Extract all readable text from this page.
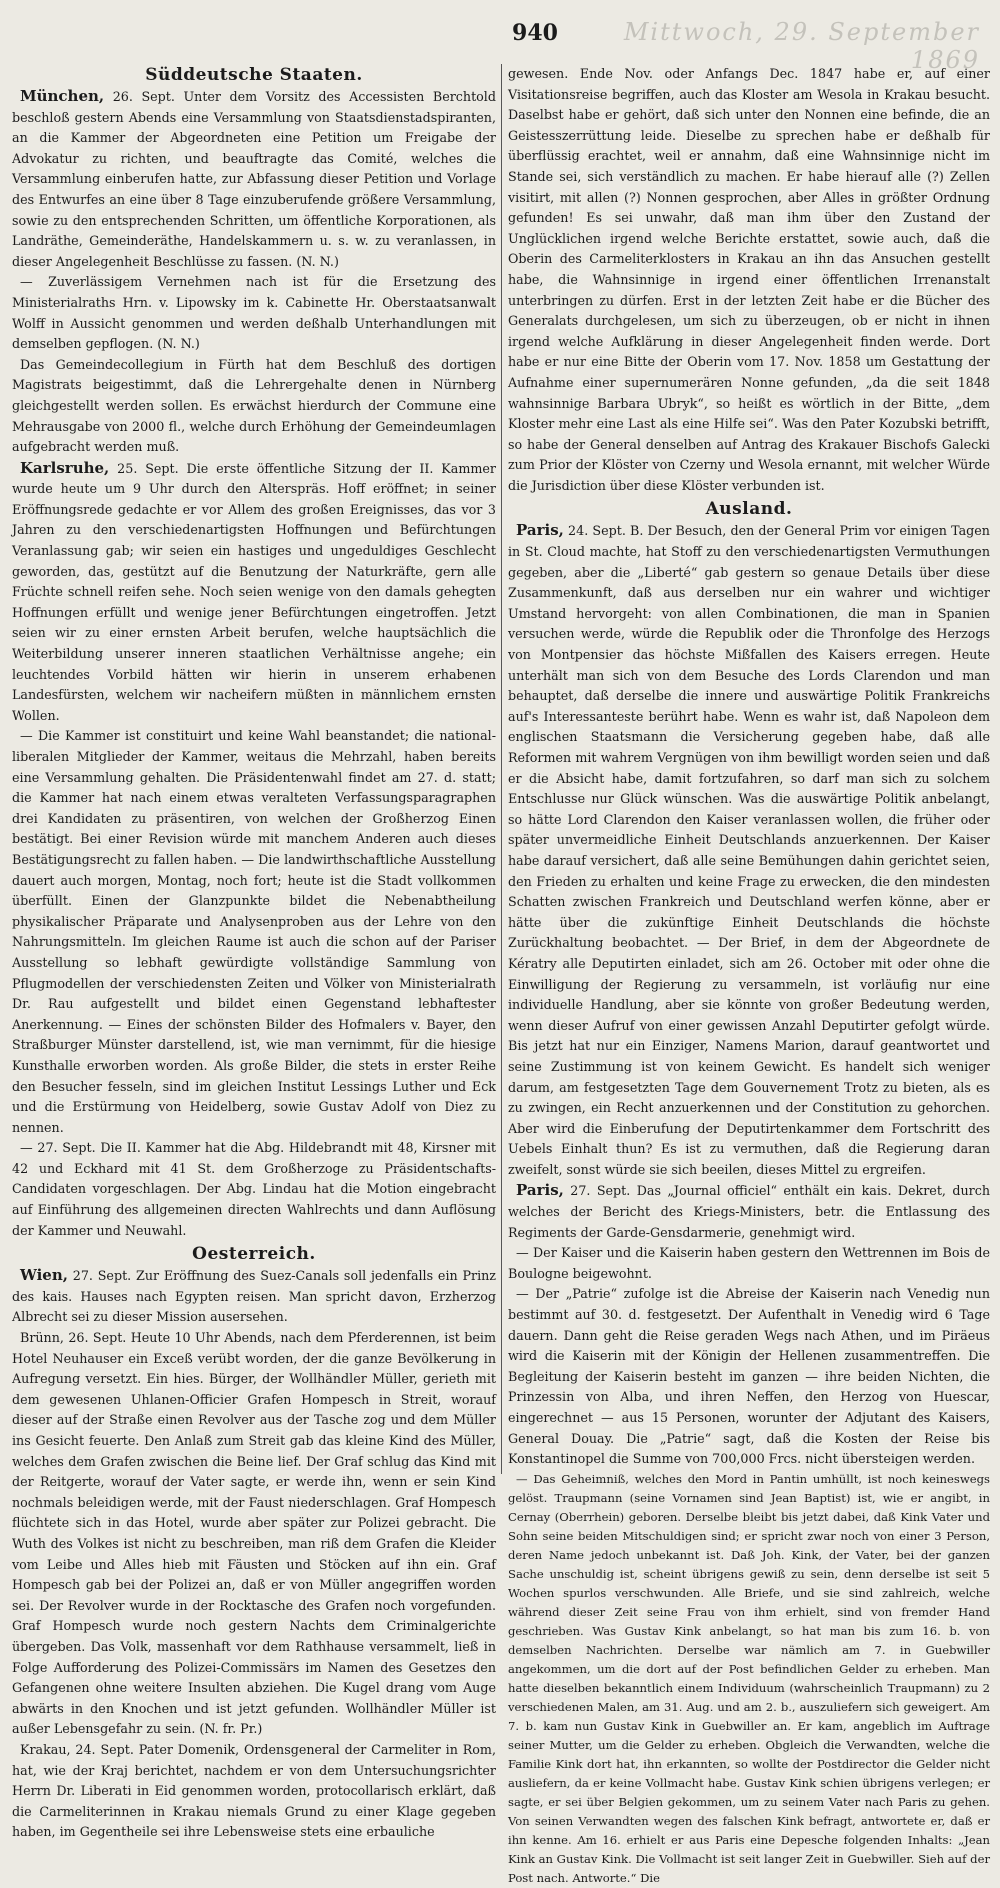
Mittwoch, 29. September 1869
940
Süddeutsche Staaten.

München, 26. Sept. Unter dem Vorsitz des Accessisten Berchtold beschloß gestern Abends eine Versammlung von Staatsdienstadspiranten, an die Kammer der Abgeordneten eine Petition um Freigabe der Advokatur zu richten, und beauftragte das Comité, welches die Versammlung einberufen hatte, zur Abfassung dieser Petition und Vorlage des Entwurfes an eine über 8 Tage einzuberufende größere Versammlung, sowie zu den entsprechenden Schritten, um öffentliche Korporationen, als Landräthe, Gemeinderäthe, Handelskammern u. s. w. zu veranlassen, in dieser Angelegenheit Beschlüsse zu fassen. (N. N.)

— Zuverlässigem Vernehmen nach ist für die Ersetzung des Ministerialraths Hrn. v. Lipowsky im k. Cabinette Hr. Oberstaatsanwalt Wolff in Aussicht genommen und werden deßhalb Unterhandlungen mit demselben gepflogen. (N. N.)

Das Gemeindecollegium in Fürth hat dem Beschluß des dortigen Magistrats beigestimmt, daß die Lehrergehalte denen in Nürnberg gleichgestellt werden sollen. Es erwächst hierdurch der Commune eine Mehrausgabe von 2000 fl., welche durch Erhöhung der Gemeindeumlagen aufgebracht werden muß.

Karlsruhe, 25. Sept. Die erste öffentliche Sitzung der II. Kammer wurde heute um 9 Uhr durch den Alterspräs. Hoff eröffnet; in seiner Eröffnungsrede gedachte er vor Allem des großen Ereignisses, das vor 3 Jahren zu den verschiedenartigsten Hoffnungen und Befürchtungen Veranlassung gab; wir seien ein hastiges und ungeduldiges Geschlecht geworden, das, gestützt auf die Benutzung der Naturkräfte, gern alle Früchte schnell reifen sehe. Noch seien wenige von den damals gehegten Hoffnungen erfüllt und wenige jener Befürchtungen eingetroffen. Jetzt seien wir zu einer ernsten Arbeit berufen, welche hauptsächlich die Weiterbildung unserer inneren staatlichen Verhältnisse angehe; ein leuchtendes Vorbild hätten wir hierin in unserem erhabenen Landesfürsten, welchem wir nacheifern müßten in männlichem ernsten Wollen.

— Die Kammer ist constituirt und keine Wahl beanstandet; die national-liberalen Mitglieder der Kammer, weitaus die Mehrzahl, haben bereits eine Versammlung gehalten. Die Präsidentenwahl findet am 27. d. statt; die Kammer hat nach einem etwas veralteten Verfassungsparagraphen drei Kandidaten zu präsentiren, von welchen der Großherzog Einen bestätigt. Bei einer Revision würde mit manchem Anderen auch dieses Bestätigungsrecht zu fallen haben. — Die landwirthschaftliche Ausstellung dauert auch morgen, Montag, noch fort; heute ist die Stadt vollkommen überfüllt. Einen der Glanzpunkte bildet die Nebenabtheilung physikalischer Präparate und Analysenproben aus der Lehre von den Nahrungsmitteln. Im gleichen Raume ist auch die schon auf der Pariser Ausstellung so lebhaft gewürdigte vollständige Sammlung von Pflugmodellen der verschiedensten Zeiten und Völker von Ministerialrath Dr. Rau aufgestellt und bildet einen Gegenstand lebhaftester Anerkennung. — Eines der schönsten Bilder des Hofmalers v. Bayer, den Straßburger Münster darstellend, ist, wie man vernimmt, für die hiesige Kunsthalle erworben worden. Als große Bilder, die stets in erster Reihe den Besucher fesseln, sind im gleichen Institut Lessings Luther und Eck und die Erstürmung von Heidelberg, sowie Gustav Adolf von Diez zu nennen.

— 27. Sept. Die II. Kammer hat die Abg. Hildebrandt mit 48, Kirsner mit 42 und Eckhard mit 41 St. dem Großherzoge zu Präsidentschafts-Candidaten vorgeschlagen. Der Abg. Lindau hat die Motion eingebracht auf Einführung des allgemeinen directen Wahlrechts und dann Auflösung der Kammer und Neuwahl.

Oesterreich.

Wien, 27. Sept. Zur Eröffnung des Suez-Canals soll jedenfalls ein Prinz des kais. Hauses nach Egypten reisen. Man spricht davon, Erzherzog Albrecht sei zu dieser Mission ausersehen.

Brünn, 26. Sept. Heute 10 Uhr Abends, nach dem Pferderennen, ist beim Hotel Neuhauser ein Exceß verübt worden, der die ganze Bevölkerung in Aufregung versetzt. Ein hies. Bürger, der Wollhändler Müller, gerieth mit dem gewesenen Uhlanen-Officier Grafen Hompesch in Streit, worauf dieser auf der Straße einen Revolver aus der Tasche zog und dem Müller ins Gesicht feuerte. Den Anlaß zum Streit gab das kleine Kind des Müller, welches dem Grafen zwischen die Beine lief. Der Graf schlug das Kind mit der Reitgerte, worauf der Vater sagte, er werde ihn, wenn er sein Kind nochmals beleidigen werde, mit der Faust niederschlagen. Graf Hompesch flüchtete sich in das Hotel, wurde aber später zur Polizei gebracht. Die Wuth des Volkes ist nicht zu beschreiben, man riß dem Grafen die Kleider vom Leibe und Alles hieb mit Fäusten und Stöcken auf ihn ein. Graf Hompesch gab bei der Polizei an, daß er von Müller angegriffen worden sei. Der Revolver wurde in der Rocktasche des Grafen noch vorgefunden. Graf Hompesch wurde noch gestern Nachts dem Criminalgerichte übergeben. Das Volk, massenhaft vor dem Rathhause versammelt, ließ in Folge Aufforderung des Polizei-Commissärs im Namen des Gesetzes den Gefangenen ohne weitere Insulten abziehen. Die Kugel drang vom Auge abwärts in den Knochen und ist jetzt gefunden. Wollhändler Müller ist außer Lebensgefahr zu sein. (N. fr. Pr.)

Krakau, 24. Sept. Pater Domenik, Ordensgeneral der Carmeliter in Rom, hat, wie der Kraj berichtet, nachdem er von dem Untersuchungsrichter Herrn Dr. Liberati in Eid genommen worden, protocollarisch erklärt, daß die Carmeliterinnen in Krakau niemals Grund zu einer Klage gegeben haben, im Gegentheile sei ihre Lebensweise stets eine erbauliche

gewesen. Ende Nov. oder Anfangs Dec. 1847 habe er, auf einer Visitationsreise begriffen, auch das Kloster am Wesola in Krakau besucht. Daselbst habe er gehört, daß sich unter den Nonnen eine befinde, die an Geistesszerrüttung leide. Dieselbe zu sprechen habe er deßhalb für überflüssig erachtet, weil er annahm, daß eine Wahnsinnige nicht im Stande sei, sich verständlich zu machen. Er habe hierauf alle (?) Zellen visitirt, mit allen (?) Nonnen gesprochen, aber Alles in größter Ordnung gefunden! Es sei unwahr, daß man ihm über den Zustand der Unglücklichen irgend welche Berichte erstattet, sowie auch, daß die Oberin des Carmeliterklosters in Krakau an ihn das Ansuchen gestellt habe, die Wahnsinnige in irgend einer öffentlichen Irrenanstalt unterbringen zu dürfen. Erst in der letzten Zeit habe er die Bücher des Generalats durchgelesen, um sich zu überzeugen, ob er nicht in ihnen irgend welche Aufklärung in dieser Angelegenheit finden werde. Dort habe er nur eine Bitte der Oberin vom 17. Nov. 1858 um Gestattung der Aufnahme einer supernumerären Nonne gefunden, „da die seit 1848 wahnsinnige Barbara Ubryk“, so heißt es wörtlich in der Bitte, „dem Kloster mehr eine Last als eine Hilfe sei“. Was den Pater Kozubski betrifft, so habe der General denselben auf Antrag des Krakauer Bischofs Galecki zum Prior der Klöster von Czerny und Wesola ernannt, mit welcher Würde die Jurisdiction über diese Klöster verbunden ist.

Ausland.

Paris, 24. Sept. B. Der Besuch, den der General Prim vor einigen Tagen in St. Cloud machte, hat Stoff zu den verschiedenartigsten Vermuthungen gegeben, aber die „Liberté“ gab gestern so genaue Details über diese Zusammenkunft, daß aus derselben nur ein wahrer und wichtiger Umstand hervorgeht: von allen Combinationen, die man in Spanien versuchen werde, würde die Republik oder die Thronfolge des Herzogs von Montpensier das höchste Mißfallen des Kaisers erregen. Heute unterhält man sich von dem Besuche des Lords Clarendon und man behauptet, daß derselbe die innere und auswärtige Politik Frankreichs auf's Interessanteste berührt habe. Wenn es wahr ist, daß Napoleon dem englischen Staatsmann die Versicherung gegeben habe, daß alle Reformen mit wahrem Vergnügen von ihm bewilligt worden seien und daß er die Absicht habe, damit fortzufahren, so darf man sich zu solchem Entschlusse nur Glück wünschen. Was die auswärtige Politik anbelangt, so hätte Lord Clarendon den Kaiser veranlassen wollen, die früher oder später unvermeidliche Einheit Deutschlands anzuerkennen. Der Kaiser habe darauf versichert, daß alle seine Bemühungen dahin gerichtet seien, den Frieden zu erhalten und keine Frage zu erwecken, die den mindesten Schatten zwischen Frankreich und Deutschland werfen könne, aber er hätte über die zukünftige Einheit Deutschlands die höchste Zurückhaltung beobachtet. — Der Brief, in dem der Abgeordnete de Kératry alle Deputirten einladet, sich am 26. October mit oder ohne die Einwilligung der Regierung zu versammeln, ist vorläufig nur eine individuelle Handlung, aber sie könnte von großer Bedeutung werden, wenn dieser Aufruf von einer gewissen Anzahl Deputirter gefolgt würde. Bis jetzt hat nur ein Einziger, Namens Marion, darauf geantwortet und seine Zustimmung ist von keinem Gewicht. Es handelt sich weniger darum, am festgesetzten Tage dem Gouvernement Trotz zu bieten, als es zu zwingen, ein Recht anzuerkennen und der Constitution zu gehorchen. Aber wird die Einberufung der Deputirtenkammer dem Fortschritt des Uebels Einhalt thun? Es ist zu vermuthen, daß die Regierung daran zweifelt, sonst würde sie sich beeilen, dieses Mittel zu ergreifen.

Paris, 27. Sept. Das „Journal officiel“ enthält ein kais. Dekret, durch welches der Bericht des Kriegs-Ministers, betr. die Entlassung des Regiments der Garde-Gensdarmerie, genehmigt wird.

— Der Kaiser und die Kaiserin haben gestern den Wettrennen im Bois de Boulogne beigewohnt.

— Der „Patrie“ zufolge ist die Abreise der Kaiserin nach Venedig nun bestimmt auf 30. d. festgesetzt. Der Aufenthalt in Venedig wird 6 Tage dauern. Dann geht die Reise geraden Wegs nach Athen, und im Piräeus wird die Kaiserin mit der Königin der Hellenen zusammentreffen. Die Begleitung der Kaiserin besteht im ganzen — ihre beiden Nichten, die Prinzessin von Alba, und ihren Neffen, den Herzog von Huescar, eingerechnet — aus 15 Personen, worunter der Adjutant des Kaisers, General Douay. Die „Patrie“ sagt, daß die Kosten der Reise bis Konstantinopel die Summe von 700,000 Frcs. nicht übersteigen werden.

— Das Geheimniß, welches den Mord in Pantin umhüllt, ist noch keineswegs gelöst. Traupmann (seine Vornamen sind Jean Baptist) ist, wie er angibt, in Cernay (Oberrhein) geboren. Derselbe bleibt bis jetzt dabei, daß Kink Vater und Sohn seine beiden Mitschuldigen sind; er spricht zwar noch von einer 3 Person, deren Name jedoch unbekannt ist. Daß Joh. Kink, der Vater, bei der ganzen Sache unschuldig ist, scheint übrigens gewiß zu sein, denn derselbe ist seit 5 Wochen spurlos verschwunden. Alle Briefe, und sie sind zahlreich, welche während dieser Zeit seine Frau von ihm erhielt, sind von fremder Hand geschrieben. Was Gustav Kink anbelangt, so hat man bis zum 16. b. von demselben Nachrichten. Derselbe war nämlich am 7. in Guebwiller angekommen, um die dort auf der Post befindlichen Gelder zu erheben. Man hatte dieselben bekanntlich einem Individuum (wahrscheinlich Traupmann) zu 2 verschiedenen Malen, am 31. Aug. und am 2. b., auszuliefern sich geweigert. Am 7. b. kam nun Gustav Kink in Guebwiller an. Er kam, angeblich im Auftrage seiner Mutter, um die Gelder zu erheben. Obgleich die Verwandten, welche die Familie Kink dort hat, ihn erkannten, so wollte der Postdirector die Gelder nicht ausliefern, da er keine Vollmacht habe. Gustav Kink schien übrigens verlegen; er sagte, er sei über Belgien gekommen, um zu seinem Vater nach Paris zu gehen. Von seinen Verwandten wegen des falschen Kink befragt, antwortete er, daß er ihn kenne. Am 16. erhielt er aus Paris eine Depesche folgenden Inhalts: „Jean Kink an Gustav Kink. Die Vollmacht ist seit langer Zeit in Guebwiller. Sieh auf der Post nach. Antworte.“ Die
